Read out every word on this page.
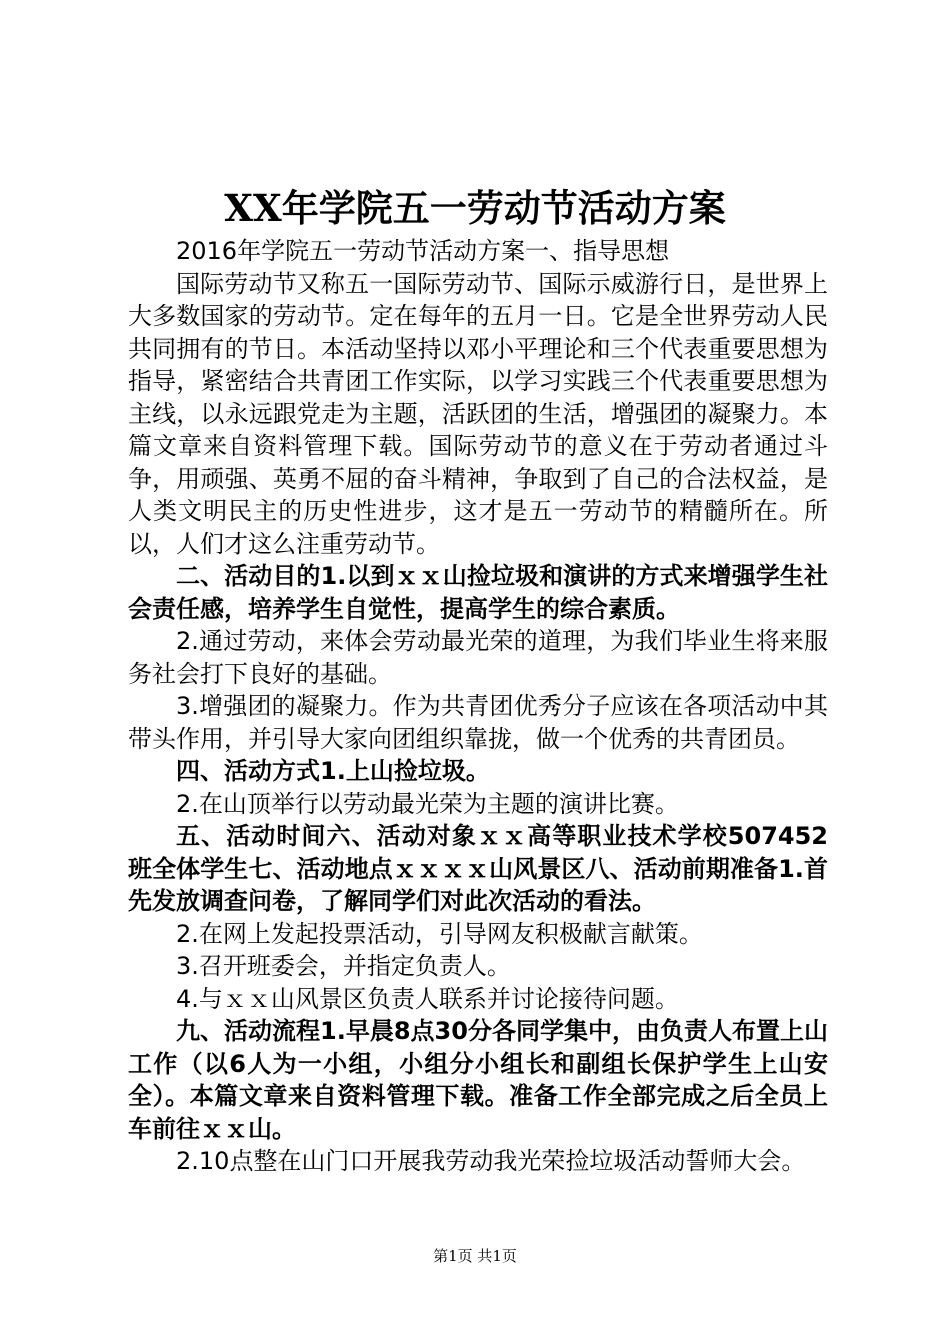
XX年学院五一劳动节活动方案

2016年学院五一劳动节活动方案一、指导思想

国际劳动节又称五一国际劳动节、国际示威游行日，是世界上大多数国家的劳动节。定在每年的五月一日。它是全世界劳动人民共同拥有的节日。本活动坚持以邓小平理论和三个代表重要思想为指导，紧密结合共青团工作实际，以学习实践三个代表重要思想为主线，以永远跟党走为主题，活跃团的生活，增强团的凝聚力。本篇文章来自资料管理下载。国际劳动节的意义在于劳动者通过斗争，用顽强、英勇不屈的奋斗精神，争取到了自己的合法权益，是人类文明民主的历史性进步，这才是五一劳动节的精髓所在。所以，人们才这么注重劳动节。

二、活动目的1.以到ｘｘ山捡垃圾和演讲的方式来增强学生社会责任感，培养学生自觉性，提高学生的综合素质。

2.通过劳动，来体会劳动最光荣的道理，为我们毕业生将来服务社会打下良好的基础。

3.增强团的凝聚力。作为共青团优秀分子应该在各项活动中其带头作用，并引导大家向团组织靠拢，做一个优秀的共青团员。

四、活动方式1.上山捡垃圾。

2.在山顶举行以劳动最光荣为主题的演讲比赛。

五、活动时间六、活动对象ｘｘ高等职业技术学校507452班全体学生七、活动地点ｘｘｘｘ山风景区八、活动前期准备1.首先发放调查问卷，了解同学们对此次活动的看法。

2.在网上发起投票活动，引导网友积极献言献策。

3.召开班委会，并指定负责人。

4.与ｘｘ山风景区负责人联系并讨论接待问题。

九、活动流程1.早晨8点30分各同学集中，由负责人布置上山工作（以6人为一小组，小组分小组长和副组长保护学生上山安全）。本篇文章来自资料管理下载。准备工作全部完成之后全员上车前往ｘｘ山。

2.10点整在山门口开展我劳动我光荣捡垃圾活动誓师大会。

第1页 共1页
